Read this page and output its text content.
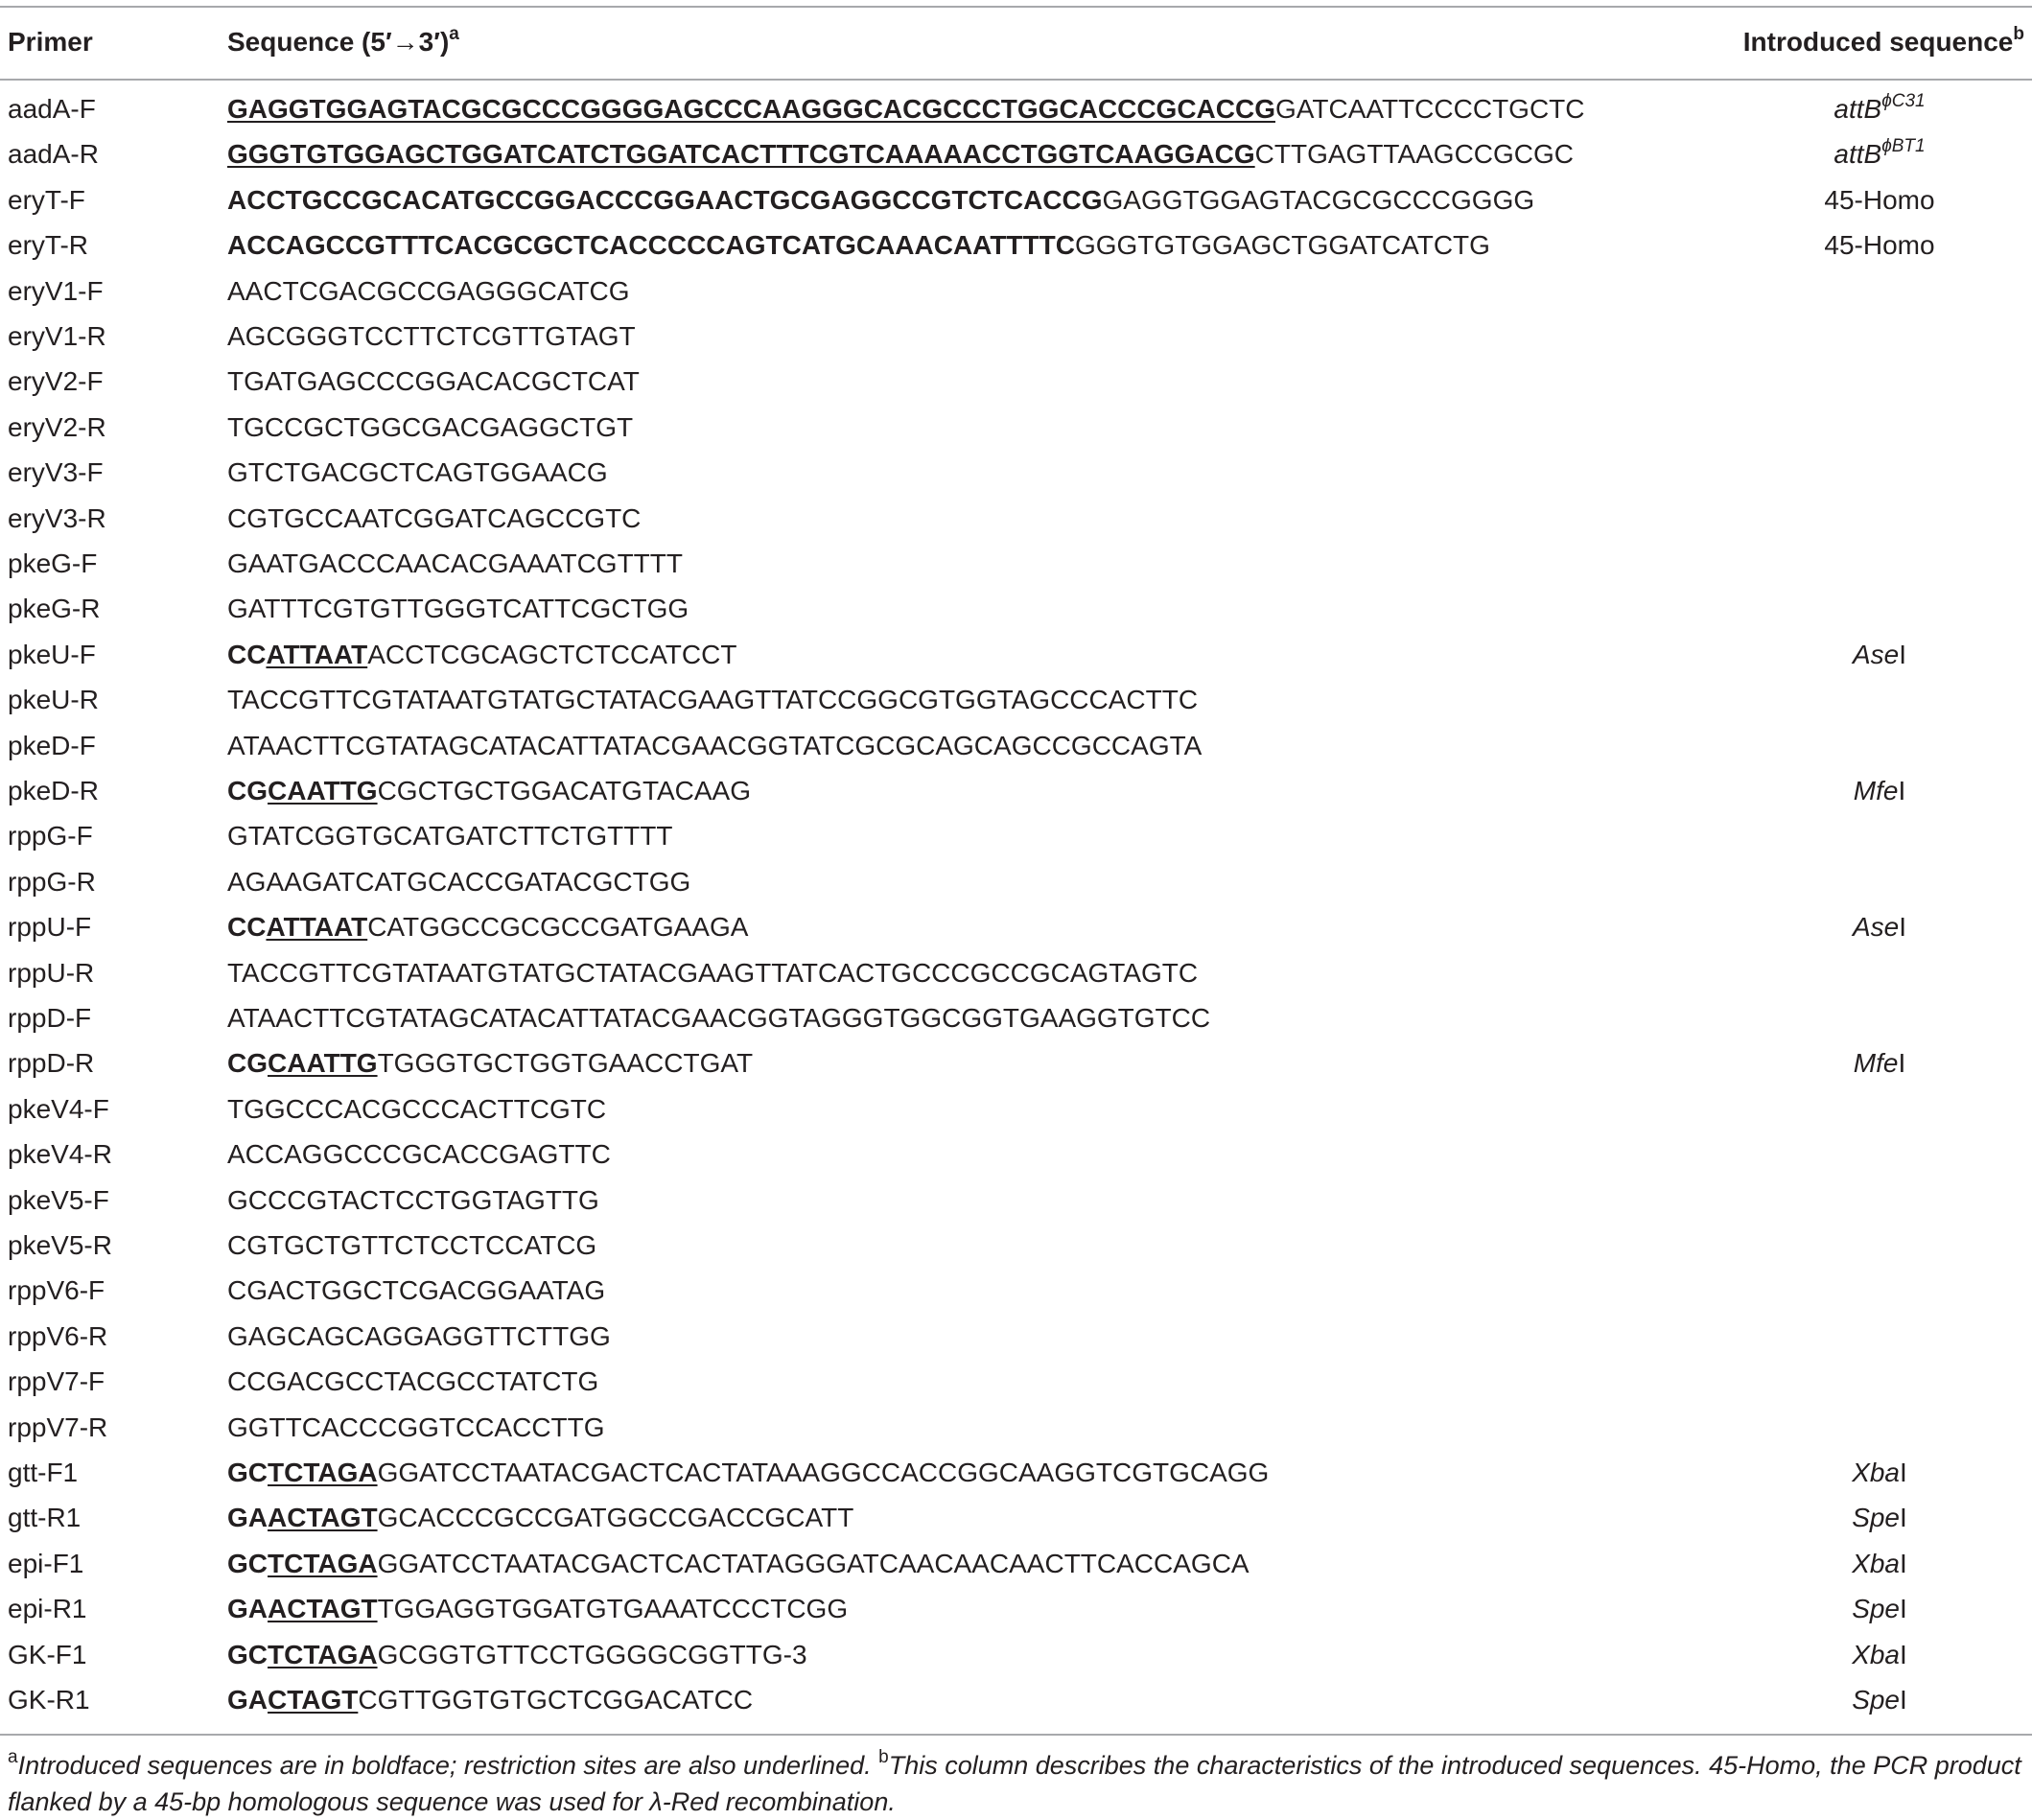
Primer	Sequence $(5'\to 3')^a$	Introduced sequence$^b$
aadA-F	GAGGTGGAGTACGCGCCCGGGGAGCCCAAGGGCACGCCCTGGCACCCGCACCGGATCAATTCCCCTGCTC	attB$^{\phi C31}$
aadA-R	GGGTGTGGAGCTGGATCATCTGGATCACTTTCGTCAAAAACCTGGTCAAGGACGCTTGAGTTAAGCCGCGC	attB$^{\phi BT1}$
eryT-F	ACCTGCCGCACATGCCGGACCCGGAACTGCGAGGCCGTCTCACCGGAGGTGGAGTACGCGCCCGGGG	45-Homo
eryT-R	ACCAGCCGTTTCACGCGCTCACCCCCAGTCATGCAAACAATTTTCGGGTGTGGAGCTGGATCATCTG	45-Homo
eryV1-F	AACTCGACGCCGAGGGCATCG
eryV1-R	AGCGGGTCCTTCTCGTTGTAGT
eryV2-F	TGATGAGCCCGGACACGCTCAT
eryV2-R	TGCCGCTGGCGACGAGGCTGT
eryV3-F	GTCTGACGCTCAGTGGAACG
eryV3-R	CGTGCCAATCGGATCAGCCGTC
pkeG-F	GAATGACCCAACACGAAATCGTTTT
pkeG-R	GATTTCGTGTTGGGTCATTCGCTGG
pkeU-F	CCATTAATACCTCGCAGCTCTCCATCCT	AseI
pkeU-R	TACCGTTCGTATAATGTATGCTATACGAAGTTATCCGGCGTGGTAGCCCACTTC
pkeD-F	ATAACTTCGTATAGCATACATTATACGAACGGTATCGCGCAGCAGCCGCCAGTA
pkeD-R	CGCAATTGCGCTGCTGGACATGTACAAG	MfeI
rppG-F	GTATCGGTGCATGATCTTCTGTTTT
rppG-R	AGAAGATCATGCACCGATACGCTGG
rppU-F	CCATTAATCATGGCCGCGCCGATGAAGA	AseI
rppU-R	TACCGTTCGTATAATGTATGCTATACGAAGTTATCACTGCCCGCCGCAGTAGTC
rppD-F	ATAACTTCGTATAGCATACATTATACGAACGGTAGGGTGGCGGTGAAGGTGTCC
rppD-R	CGCAATTGTGGGTGCTGGTGAACCTGAT	MfeI
pkeV4-F	TGGCCCACGCCCACTTCGTC
pkeV4-R	ACCAGGCCCGCACCGAGTTC
pkeV5-F	GCCCGTACTCCTGGTAGTTG
pkeV5-R	CGTGCTGTTCTCCTCCATCG
rppV6-F	CGACTGGCTCGACGGAATAG
rppV6-R	GAGCAGCAGGAGGTTCTTGG
rppV7-F	CCGACGCCTACGCCTATCTG
rppV7-R	GGTTCACCCGGTCCACCTTG
gtt-F1	GCTCTAGAGGATCCTAATACGACTCACTATAAAGGCCACCGGCAAGGTCGTGCAGG	XbaI
gtt-R1	GAACTAGTGCACCCGCCGATGGCCGACCGCATT	SpeI
epi-F1	GCTCTAGAGGATCCTAATACGACTCACTATAGGGATCAACAACAACTTCACCAGCA	XbaI
epi-R1	GAACTAGTTGGAGGTGGATGTGAAATCCCTCGG	SpeI
GK-F1	GCTCTAGAGCGGTGTTCCTGGGGCGGTTG-3	XbaI
GK-R1	GACTAGTCGTTGGTGTGCTCGGACATCC	SpeI
$^a$Introduced sequences are in boldface; restriction sites are also underlined. $^b$This column describes the characteristics of the introduced sequences. 45-Homo, the PCR product flanked by a 45-bp homologous sequence was used for λ-Red recombination.
